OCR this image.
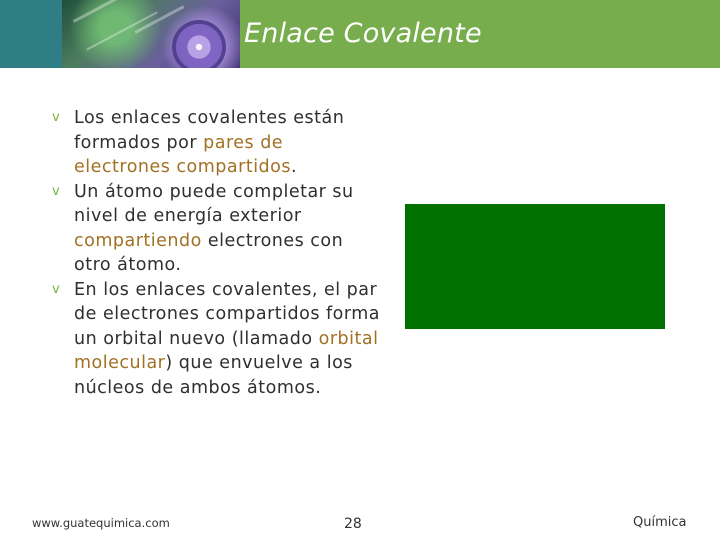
Enlace Covalente
v Los enlaces covalentes están formados por pares de electrones compartidos.
v Un átomo puede completar su nivel de energía exterior compartiendo electrones con otro átomo.
v En los enlaces covalentes, el par de electrones compartidos forma un orbital nuevo (llamado orbital molecular) que envuelve a los núcleos de ambos átomos.
www.guatequimica.com	28	Química
